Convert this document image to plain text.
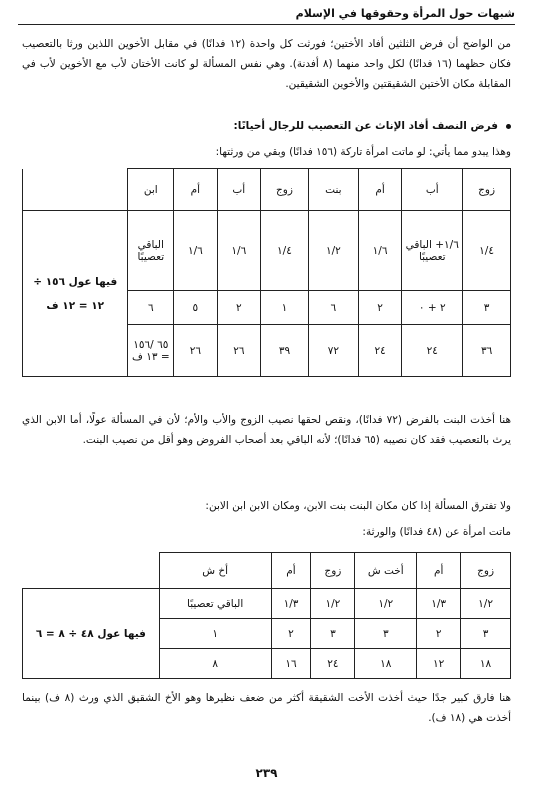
شبهات حول المرأة وحقوقها في الإسلام

من الواضح أن فرض الثلثين أفاد الأختين؛ فورثت كل واحدة (١٢ فدانًا) في مقابل الأخوين اللذين ورثا بالتعصيب فكان حظهما (١٦ فدانًا) لكل واحد منهما (٨ أفدنة). وهي نفس المسألة لو كانت الأختان لأب مع الأخوين لأب في المقابلة مكان الأختين الشقيقتين والأخوين الشقيقين.

فرض النصف أفاد الإناث عن التعصيب للرجال أحيانًا:

وهذا يبدو مما يأتي: لو ماتت امرأة تاركة (١٥٦ فدانًا) وبقي من ورثتها:

زوج	أب	أم	بنت	زوج	أب	أم	ابن	
١/٤	١/٦+ الباقي تعصيبًا	١/٦	١/٢	١/٤	١/٦	١/٦	الباقي تعصيبًا	فيها عول ١٥٦ ÷ ١٢ = ١٢ ف
٣	٢ + ٠	٢	٦	١	٢	٥	٦	
٣٦	٢٤	٢٤	٧٢	٣٩	٢٦	٢٦	٦٥ /١٥٦ = ١٣ ف	

هنا أخذت البنت بالفرض (٧٢ فدانًا)، ونقص لحقها نصيب الزوج والأب والأم؛ لأن في المسألة عولًا، أما الابن الذي يرث بالتعصيب فقد كان نصيبه (٦٥ فدانًا)؛ لأنه الباقي بعد أصحاب الفروض وهو أقل من نصيب البنت.

ولا تفترق المسألة إذا كان مكان البنت بنت الابن، ومكان الابن ابن الابن:

ماتت امرأة عن (٤٨ فدانًا) والورثة:

زوج	أم	أخت ش	زوج	أم	أخ ش	
١/٢	١/٣	١/٢	١/٢	١/٣	الباقي تعصيبًا	فيها عول ٤٨ ÷ ٨ = ٦
٣	٢	٣	٣	٢	١	
١٨	١٢	١٨	٢٤	١٦	٨	

هنا فارق كبير جدًا حيث أخذت الأخت الشقيقة أكثر من ضعف نظيرها وهو الأخ الشقيق الذي ورث (٨ ف) بينما أخذت هي (١٨ ف).

٢٣٩
